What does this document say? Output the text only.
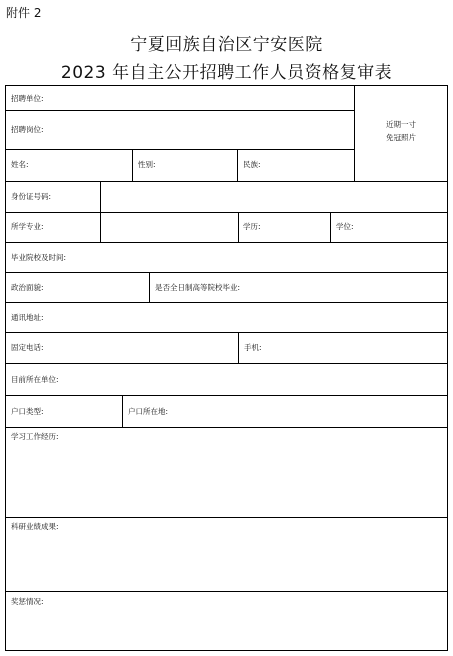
附件 2
宁夏回族自治区宁安医院
2023 年自主公开招聘工作人员资格复审表
招聘单位:
招聘岗位:
近期一寸
免冠照片
姓名:	性别:	民族:
身份证号码:
所学专业:	学历:	学位:
毕业院校及时间:
政治面貌:	是否全日制高等院校毕业:
通讯地址:
固定电话:	手机:
目前所在单位:
户口类型:	户口所在地:
学习工作经历:
科研业绩成果:
奖惩情况:
